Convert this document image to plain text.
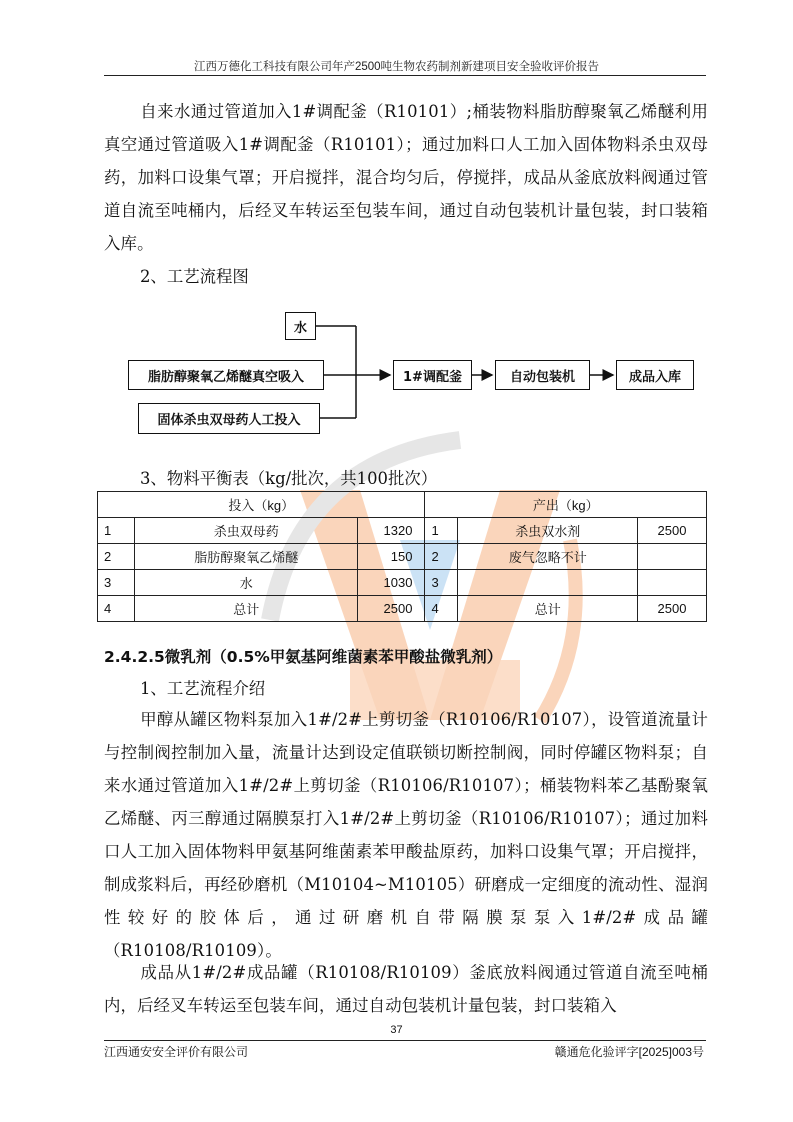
江西万德化工科技有限公司年产2500吨生物农药制剂新建项目安全验收评价报告
自来水通过管道加入1#调配釜（R10101）;桶装物料脂肪醇聚氧乙烯醚利用真空通过管道吸入1#调配釜（R10101）；通过加料口人工加入固体物料杀虫双母药，加料口设集气罩；开启搅拌，混合均匀后，停搅拌，成品从釜底放料阀通过管道自流至吨桶内，后经叉车转运至包装车间，通过自动包装机计量包装，封口装箱入库。
2、工艺流程图
水
脂肪醇聚氧乙烯醚真空吸入
固体杀虫双母药人工投入
1#调配釜	自动包装机	成品入库
3、物料平衡表（kg/批次，共100批次）
投入（kg）			产出（kg）		
1	杀虫双母药	1320	1	杀虫双水剂	2500
2	脂肪醇聚氧乙烯醚	150	2	废气忽略不计	
3	水	1030	3		
4	总计	2500	4	总计	2500
2.4.2.5微乳剂（0.5%甲氨基阿维菌素苯甲酸盐微乳剂）
1、工艺流程介绍
甲醇从罐区物料泵加入1#/2#上剪切釜（R10106/R10107），设管道流量计与控制阀控制加入量，流量计达到设定值联锁切断控制阀，同时停罐区物料泵；自来水通过管道加入1#/2#上剪切釜（R10106/R10107）；桶装物料苯乙基酚聚氧乙烯醚、丙三醇通过隔膜泵打入1#/2#上剪切釜（R10106/R10107）；通过加料口人工加入固体物料甲氨基阿维菌素苯甲酸盐原药，加料口设集气罩；开启搅拌，制成浆料后，再经砂磨机（M10104~M10105）研磨成一定细度的流动性、湿润性较好的胶体后，通过研磨机自带隔膜泵泵入1#/2#成品罐（R10108/R10109）。
成品从1#/2#成品罐（R10108/R10109）釜底放料阀通过管道自流至吨桶内，后经叉车转运至包装车间，通过自动包装机计量包装，封口装箱入
37
江西通安安全评价有限公司	赣通危化验评字[2025]003号
